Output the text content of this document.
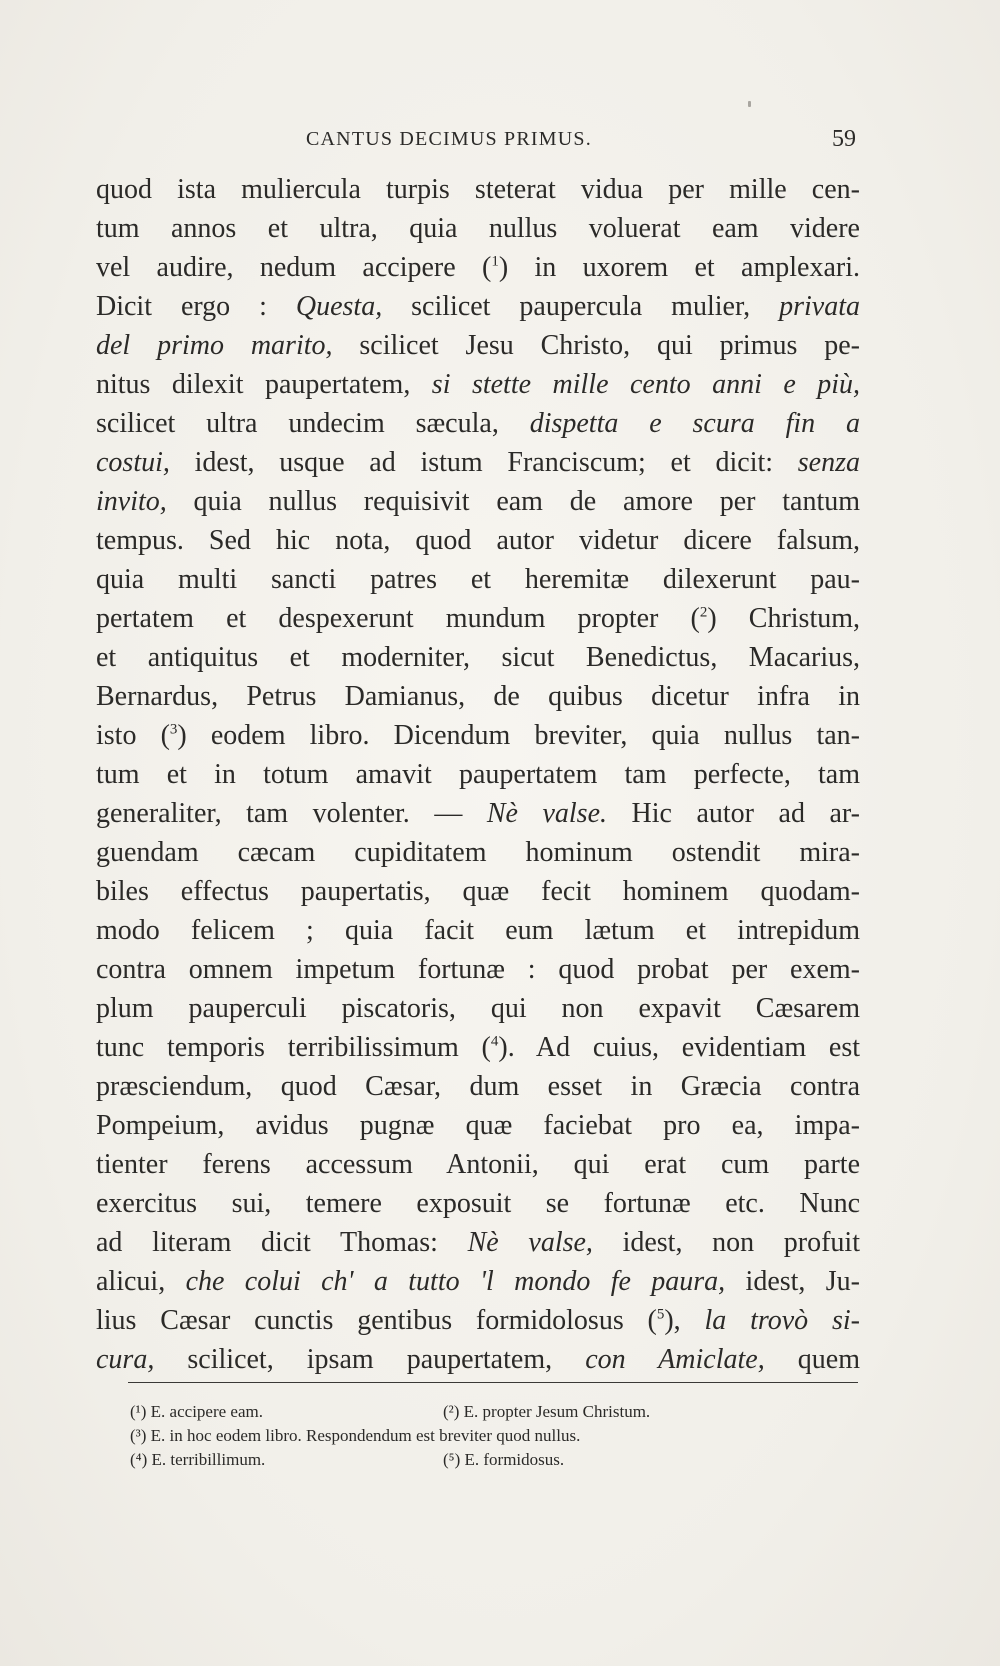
CANTUS DECIMUS PRIMUS.	59
quod ista muliercula turpis steterat vidua per mille cen-
tum annos et ultra, quia nullus voluerat eam videre
vel audire, nedum accipere ($^1$) in uxorem et amplexari.
Dicit ergo : Questa, scilicet paupercula mulier, privata
del primo marito, scilicet Jesu Christo, qui primus pe-
nitus dilexit paupertatem, si stette mille cento anni e più,
scilicet ultra undecim sæcula, dispetta e scura fin a
costui, idest, usque ad istum Franciscum; et dicit: senza
invito, quia nullus requisivit eam de amore per tantum
tempus. Sed hic nota, quod autor videtur dicere falsum,
quia multi sancti patres et heremitæ dilexerunt pau-
pertatem et despexerunt mundum propter ($^2$) Christum,
et antiquitus et moderniter, sicut Benedictus, Macarius,
Bernardus, Petrus Damianus, de quibus dicetur infra in
isto ($^3$) eodem libro. Dicendum breviter, quia nullus tan-
tum et in totum amavit paupertatem tam perfecte, tam
generaliter, tam volenter. — Nè valse. Hic autor ad ar-
guendam cæcam cupiditatem hominum ostendit mira-
biles effectus paupertatis, quæ fecit hominem quodam-
modo felicem ; quia facit eum lætum et intrepidum
contra omnem impetum fortunæ : quod probat per exem-
plum pauperculi piscatoris, qui non expavit Cæsarem
tunc temporis terribilissimum ($^4$). Ad cuius, evidentiam est
præsciendum, quod Cæsar, dum esset in Græcia contra
Pompeium, avidus pugnæ quæ faciebat pro ea, impa-
tienter ferens accessum Antonii, qui erat cum parte
exercitus sui, temere exposuit se fortunæ etc. Nunc
ad literam dicit Thomas: Nè valse, idest, non profuit
alicui, che colui ch' a tutto 'l mondo fe paura, idest, Ju-
lius Cæsar cunctis gentibus formidolosus ($^5$), la trovò si-
cura, scilicet, ipsam paupertatem, con Amiclate, quem
(¹) E. accipere eam.	(²) E. propter Jesum Christum.
(³) E. in hoc eodem libro. Respondendum est breviter quod nullus.
(⁴) E. terribillimum.	(⁵) E. formidosus.
